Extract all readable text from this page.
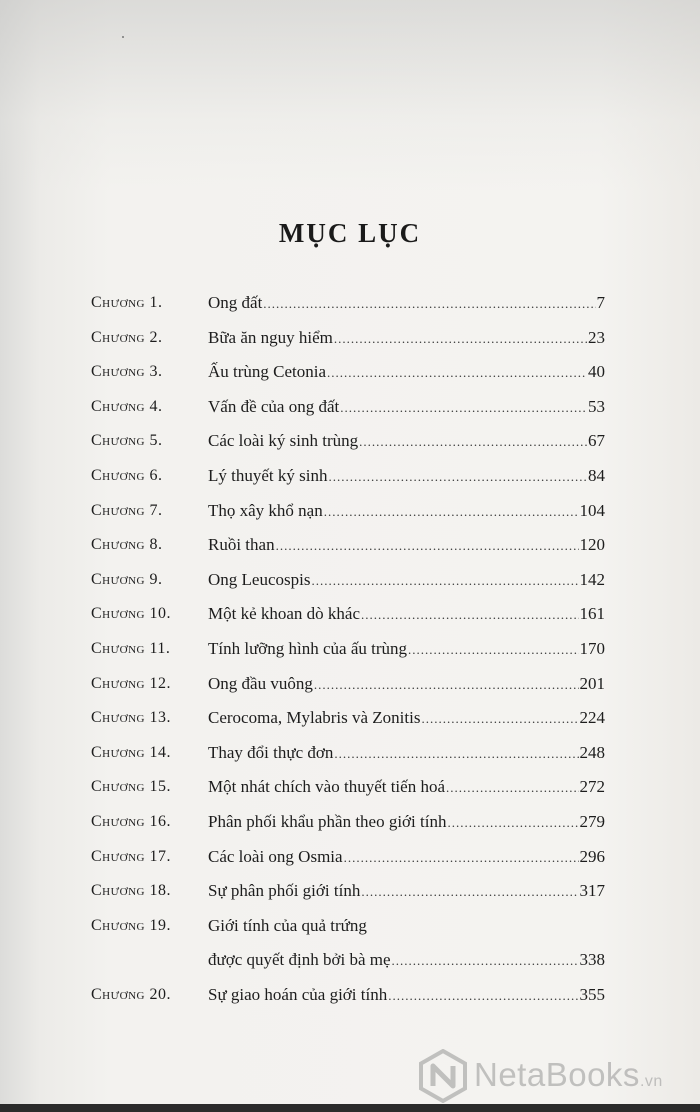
MỤC LỤC
Chương 1.	Ong đất .....	7
Chương 2.	Bữa ăn nguy hiểm .....	23
Chương 3.	Ấu trùng Cetonia .....	40
Chương 4.	Vấn đề của ong đất .....	53
Chương 5.	Các loài ký sinh trùng .....	67
Chương 6.	Lý thuyết ký sinh .....	84
Chương 7.	Thọ xây khổ nạn .....	104
Chương 8.	Ruồi than .....	120
Chương 9.	Ong Leucospis .....	142
Chương 10.	Một kẻ khoan dò khác .....	161
Chương 11.	Tính lưỡng hình của ấu trùng .....	170
Chương 12.	Ong đầu vuông .....	201
Chương 13.	Cerocoma, Mylabris và Zonitis .....	224
Chương 14.	Thay đổi thực đơn .....	248
Chương 15.	Một nhát chích vào thuyết tiến hoá .....	272
Chương 16.	Phân phối khẩu phần theo giới tính .....	279
Chương 17.	Các loài ong Osmia .....	296
Chương 18.	Sự phân phối giới tính .....	317
Chương 19.	Giới tính của quả trứng
được quyết định bởi bà mẹ .....	338
Chương 20.	Sự giao hoán của giới tính .....	355
NetaBooks.vn
